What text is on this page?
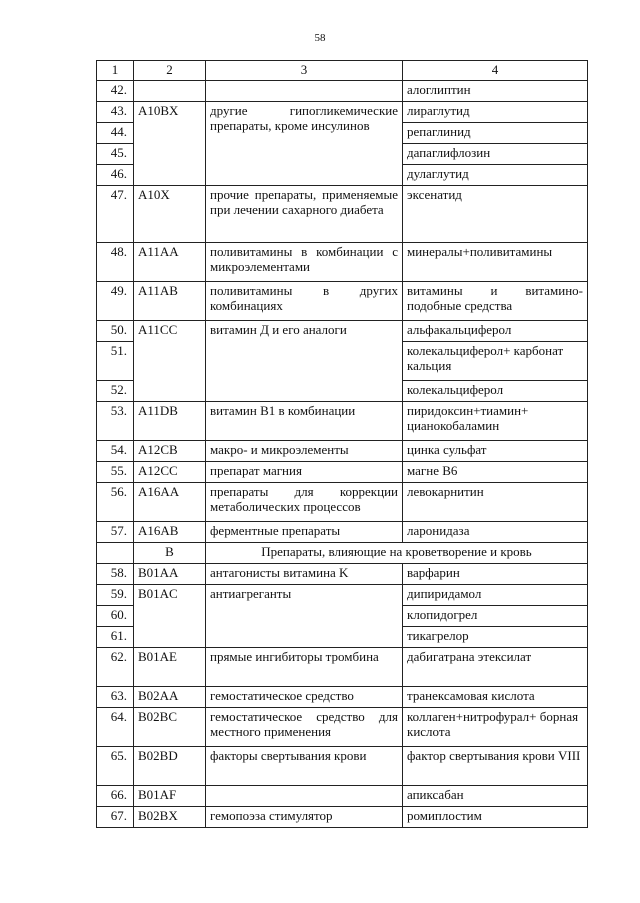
58
1	2	3	4
42.			алоглиптин
43.	A10BX	другие гипогликемические препараты, кроме инсулинов	лираглутид
44.			репаглинид
45.			дапаглифлозин
46.			дулаглутид
47.	A10X	прочие препараты, применяемые при лечении сахарного диабета	эксенатид
48.	A11AA	поливитамины в комбинации с микроэлементами	минералы+поливитамины
49.	A11AB	поливитамины в других комбинациях	витамины и витамино-подобные средства
50.	A11CC	витамин Д и его аналоги	альфакальциферол
51.			колекальциферол+ карбонат кальция
52.			колекальциферол
53.	A11DB	витамин В1 в комбинации	пиридоксин+тиамин+ цианокобаламин
54.	A12CB	макро- и микроэлементы	цинка сульфат
55.	A12CC	препарат магния	магне В6
56.	A16AA	препараты для коррекции метаболических процессов	левокарнитин
57.	A16AB	ферментные препараты	ларонидаза
	B	Препараты, влияющие на кроветворение и кровь	
58.	B01AA	антагонисты витамина K	варфарин
59.	B01AC	антиагреганты	дипиридамол
60.			клопидогрел
61.			тикагрелор
62.	B01AE	прямые ингибиторы тромбина	дабигатрана этексилат
63.	B02AA	гемостатическое средство	транексамовая кислота
64.	B02BC	гемостатическое средство для местного применения	коллаген+нитрофурал+ борная кислота
65.	B02BD	факторы свертывания крови	фактор свертывания крови VIII
66.	B01AF		апиксабан
67.	B02BX	гемопоэза стимулятор	ромиплостим
